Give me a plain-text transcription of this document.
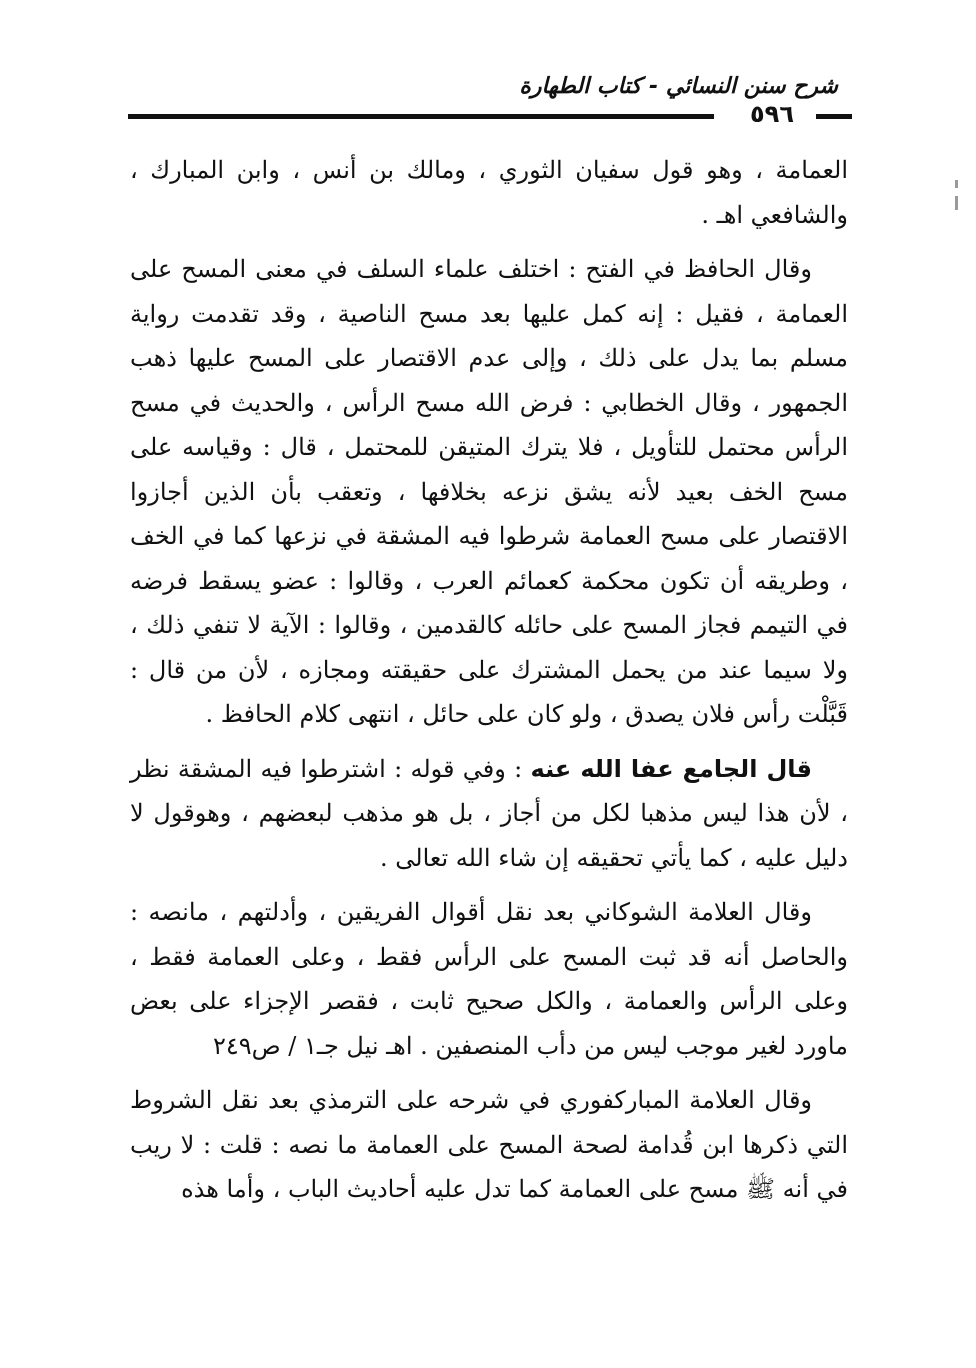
شرح سنن النسائي - كتاب الطهارة
٥٩٦

العمامة ، وهو قول سفيان الثوري ، ومالك بن أنس ، وابن المبارك ، والشافعي اهـ .

وقال الحافظ في الفتح : اختلف علماء السلف في معنى المسح على العمامة ، فقيل : إنه كمل عليها بعد مسح الناصية ، وقد تقدمت رواية مسلم بما يدل على ذلك ، وإلى عدم الاقتصار على المسح عليها ذهب الجمهور ، وقال الخطابي : فرض الله مسح الرأس ، والحديث في مسح الرأس محتمل للتأويل ، فلا يترك المتيقن للمحتمل ، قال : وقياسه على مسح الخف بعيد لأنه يشق نزعه بخلافها ، وتعقب بأن الذين أجازوا الاقتصار على مسح العمامة شرطوا فيه المشقة في نزعها كما في الخف ، وطريقه أن تكون محكمة كعمائم العرب ، وقالوا : عضو يسقط فرضه في التيمم فجاز المسح على حائله كالقدمين ، وقالوا : الآية لا تنفي ذلك ، ولا سيما عند من يحمل المشترك على حقيقته ومجازه ، لأن من قال : قَبَّلْت رأس فلان يصدق ، ولو كان على حائل ، انتهى كلام الحافظ .

قال الجامع عفا الله عنه : وفي قوله : اشترطوا فيه المشقة نظر ، لأن هذا ليس مذهبا لكل من أجاز ، بل هو مذهب لبعضهم ، وهوقول لا دليل عليه ، كما يأتي تحقيقه إن شاء الله تعالى .

وقال العلامة الشوكاني بعد نقل أقوال الفريقين ، وأدلتهم ، مانصه : والحاصل أنه قد ثبت المسح على الرأس فقط ، وعلى العمامة فقط ، وعلى الرأس والعمامة ، والكل صحيح ثابت ، فقصر الإجزاء على بعض ماورد لغير موجب ليس من دأب المنصفين . اهـ نيل جـ١ / ص٢٤٩

وقال العلامة المباركفوري في شرحه على الترمذي بعد نقل الشروط التي ذكرها ابن قُدامة لصحة المسح على العمامة ما نصه : قلت : لا ريب في أنه ﷺ مسح على العمامة كما تدل عليه أحاديث الباب ، وأما هذه
